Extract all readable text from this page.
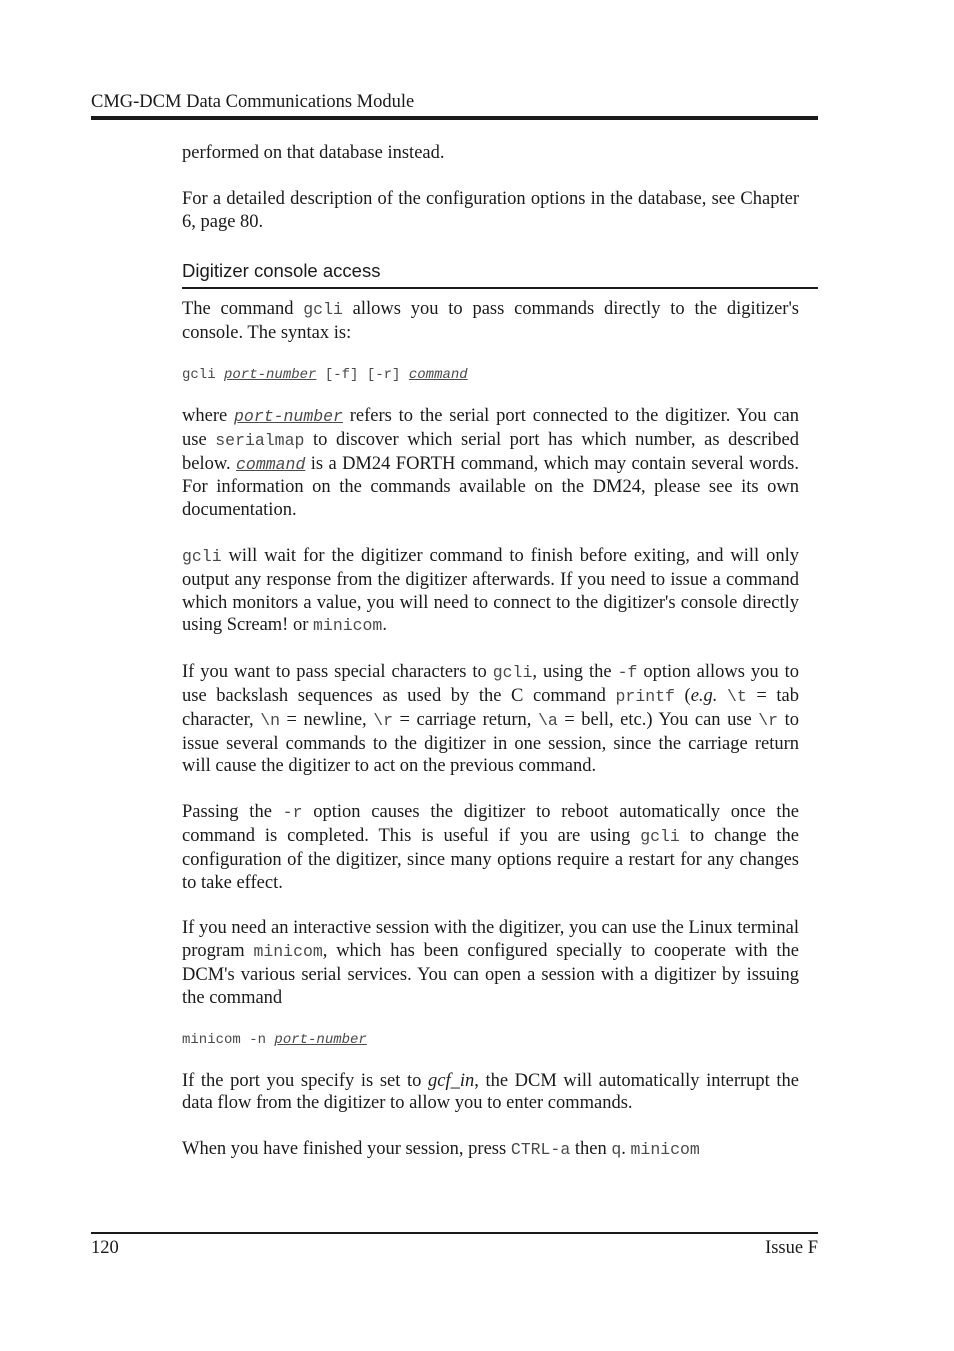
CMG-DCM Data Communications Module

performed on that database instead.

For a detailed description of the configuration options in the database, see Chapter 6, page 80.

Digitizer console access

The command gcli allows you to pass commands directly to the digitizer's console. The syntax is:

gcli port-number [-f] [-r] command

where port-number refers to the serial port connected to the digitizer. You can use serialmap to discover which serial port has which number, as described below. command is a DM24 FORTH command, which may contain several words. For information on the commands available on the DM24, please see its own documentation.

gcli will wait for the digitizer command to finish before exiting, and will only output any response from the digitizer afterwards. If you need to issue a command which monitors a value, you will need to connect to the digitizer's console directly using Scream! or minicom.

If you want to pass special characters to gcli, using the -f option allows you to use backslash sequences as used by the C command printf (e.g. \t = tab character, \n = newline, \r = carriage return, \a = bell, etc.) You can use \r to issue several commands to the digitizer in one session, since the carriage return will cause the digitizer to act on the previous command.

Passing the -r option causes the digitizer to reboot automatically once the command is completed. This is useful if you are using gcli to change the configuration of the digitizer, since many options require a restart for any changes to take effect.

If you need an interactive session with the digitizer, you can use the Linux terminal program minicom, which has been configured specially to cooperate with the DCM's various serial services. You can open a session with a digitizer by issuing the command

minicom -n port-number

If the port you specify is set to gcf_in, the DCM will automatically interrupt the data flow from the digitizer to allow you to enter commands.

When you have finished your session, press CTRL-a then q. minicom

120	Issue F
